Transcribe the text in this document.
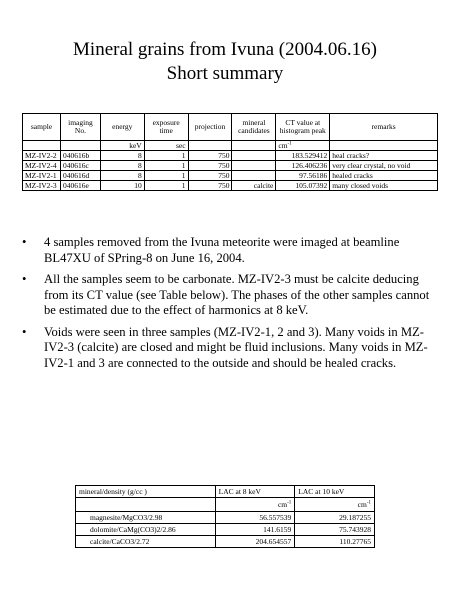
Mineral grains from Ivuna (2004.06.16)
Short summary
sample	imaging No.	energy	exposure time	projection	mineral candidates	CT value at histogram peak	remarks
		keV	sec			$cm^{-1}$	
MZ-IV2-2	040616b	8	1	750		183.529412	heal cracks?
MZ-IV2-4	040616c	8	1	750		126.406236	very clear crystal, no void
MZ-IV2-1	040616d	8	1	750		97.56186	healed cracks
MZ-IV2-3	040616e	10	1	750	calcite	105.07392	many closed voids
• 4 samples removed from the Ivuna meteorite were imaged at beamline BL47XU of SPring-8 on June 16, 2004.
• All the samples seem to be carbonate. MZ-IV2-3 must be calcite deducing from its CT value (see Table below). The phases of the other samples cannot be estimated due to the effect of harmonics at 8 keV.
• Voids were seen in three samples (MZ-IV2-1, 2 and 3). Many voids in MZ-IV2-3 (calcite) are closed and might be fluid inclusions. Many voids in MZ-IV2-1 and 3 are connected to the outside and should be healed cracks.
mineral/density (g/cc )	LAC at 8 keV	LAC at 10 keV
	$cm^{-1}$	$cm^{-1}$
magnesite/MgCO3/2.98	56.557539	29.187255
dolomite/CaMg(CO3)2/2.86	141.6159	75.743928
calcite/CaCO3/2.72	204.654557	110.27765
